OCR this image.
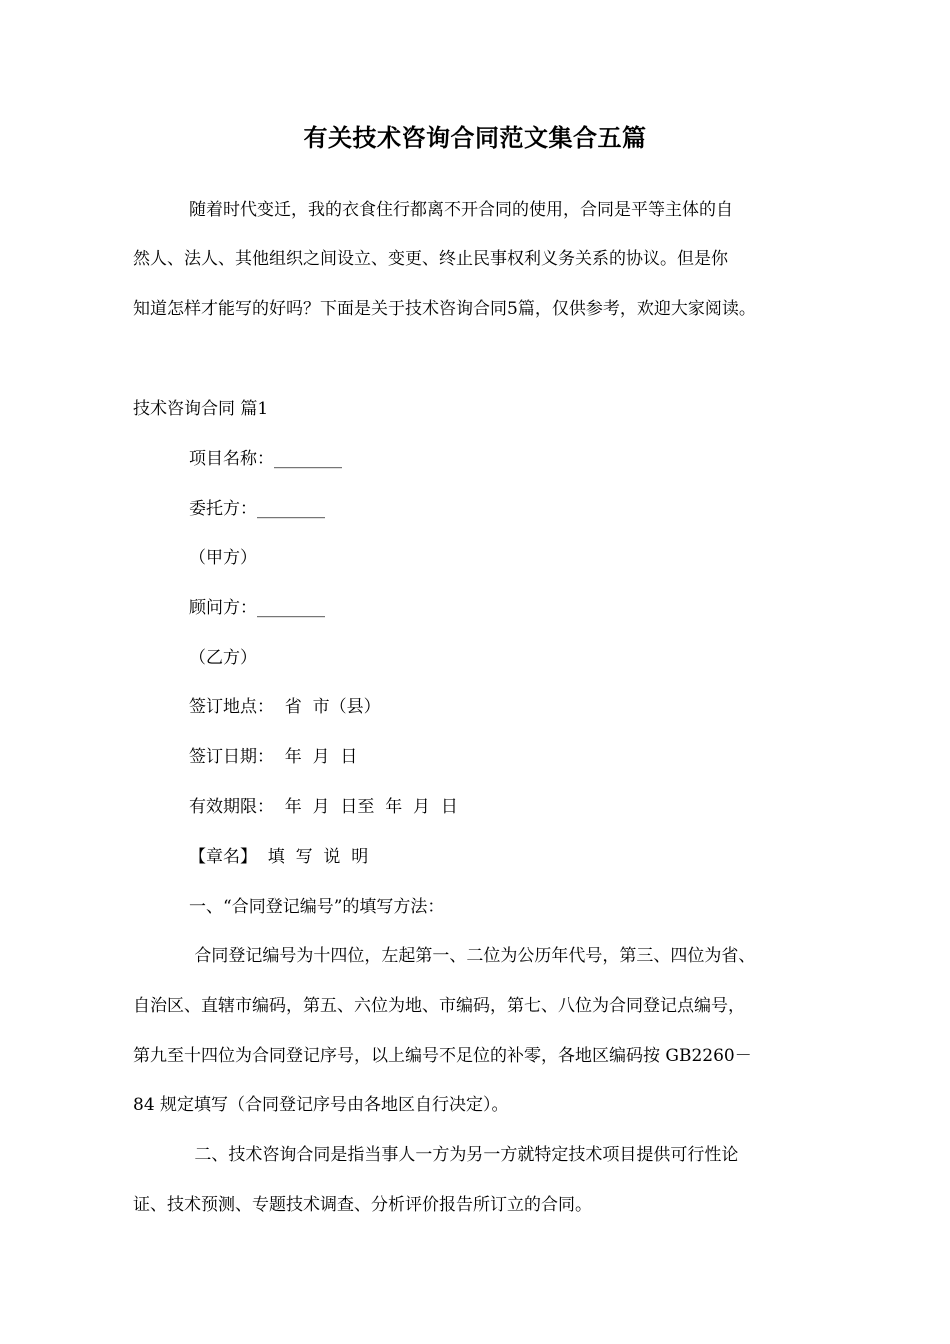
有关技术咨询合同范文集合五篇
随着时代变迁，我的衣食住行都离不开合同的使用，合同是平等主体的自
然人、法人、其他组织之间设立、变更、终止民事权利义务关系的协议。但是你
知道怎样才能写的好吗？下面是关于技术咨询合同5篇，仅供参考，欢迎大家阅读。
技术咨询合同 篇1
项目名称：________
委托方：________
（甲方）
顾问方：________
（乙方）
签订地点：  省  市（县）
签订日期：  年  月  日
有效期限：  年  月  日至  年  月  日
【章名】  填  写  说  明
一、“合同登记编号”的填写方法：
合同登记编号为十四位，左起第一、二位为公历年代号，第三、四位为省、
自治区、直辖市编码，第五、六位为地、市编码，第七、八位为合同登记点编号，
第九至十四位为合同登记序号，以上编号不足位的补零，各地区编码按 GB2260－
84 规定填写（合同登记序号由各地区自行决定）。
二、技术咨询合同是指当事人一方为另一方就特定技术项目提供可行性论
证、技术预测、专题技术调查、分析评价报告所订立的合同。
